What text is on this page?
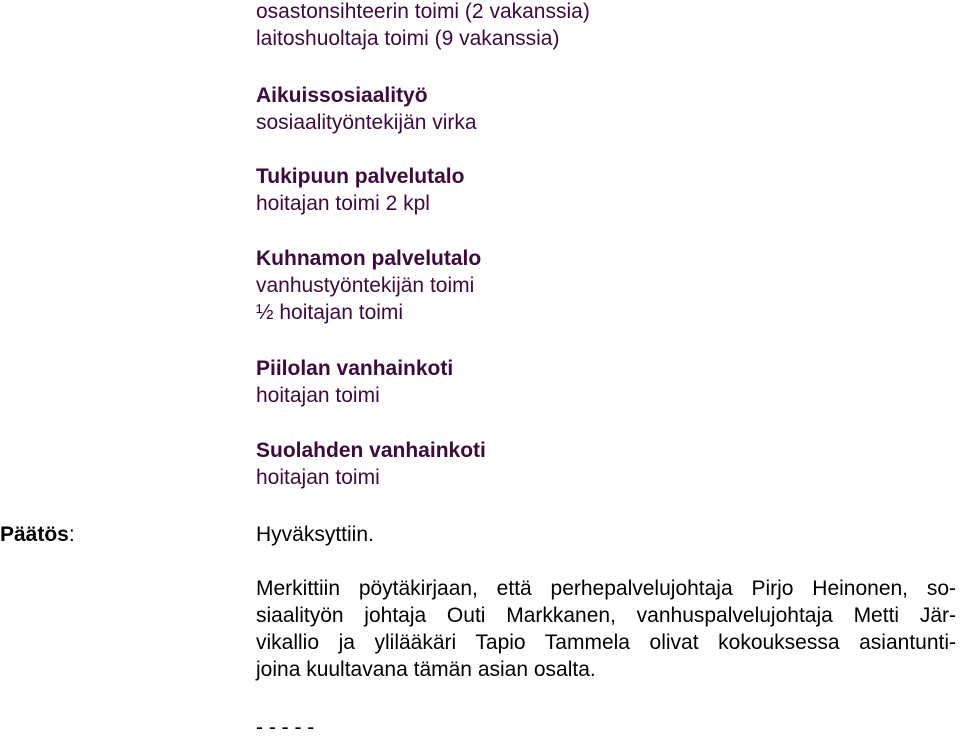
osastonsihteerin toimi (2 vakanssia)
laitoshuoltaja toimi (9 vakanssia)
Aikuissosiaalityö
sosiaalityöntekijän virka
Tukipuun palvelutalo
hoitajan toimi 2 kpl
Kuhnamon palvelutalo
vanhustyöntekijän toimi
½ hoitajan toimi
Piilolan vanhainkoti
hoitajan toimi
Suolahden vanhainkoti
hoitajan toimi
Päätös:	Hyväksyttiin.
Merkittiin pöytäkirjaan, että perhepalvelujohtaja Pirjo Heinonen, so-
siaalityön johtaja Outi Markkanen, vanhuspalvelujohtaja Metti Jär-
vikallio ja ylilääkäri Tapio Tammela olivat kokouksessa asiantunti-
joina kuultavana tämän asian osalta.
- - - - -
